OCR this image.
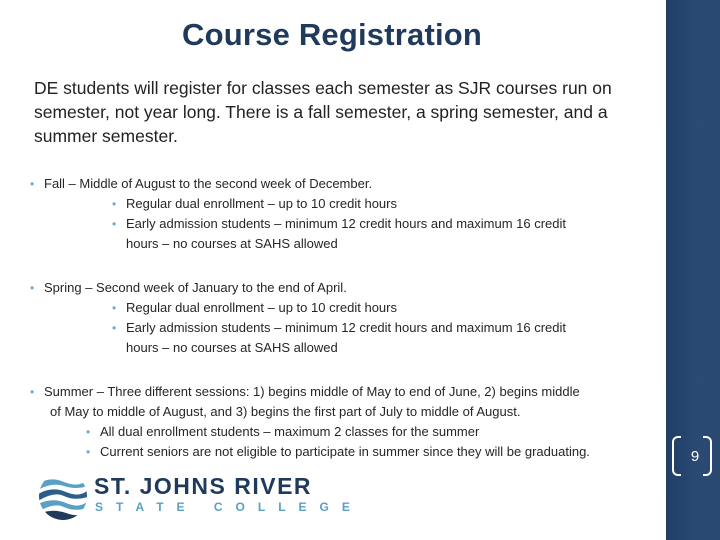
Course Registration
DE students will register for classes each semester as SJR courses run on semester, not year long. There is a fall semester, a spring semester, and a summer semester.
• Fall – Middle of August to the second week of December.
• Regular dual enrollment – up to 10 credit hours
• Early admission students – minimum 12 credit hours and maximum 16 credit
hours – no courses at SAHS allowed
• Spring – Second week of January to the end of April.
• Regular dual enrollment – up to 10 credit hours
• Early admission students – minimum 12 credit hours and maximum 16 credit
hours – no courses at SAHS allowed
• Summer – Three different sessions: 1) begins middle of May to end of June, 2) begins middle
of May to middle of August, and 3) begins the first part of July to middle of August.
• All dual enrollment students – maximum 2 classes for the summer
• Current seniors are not eligible to participate in summer since they will be graduating.
ST. JOHNS RIVER
STATE COLLEGE
9
